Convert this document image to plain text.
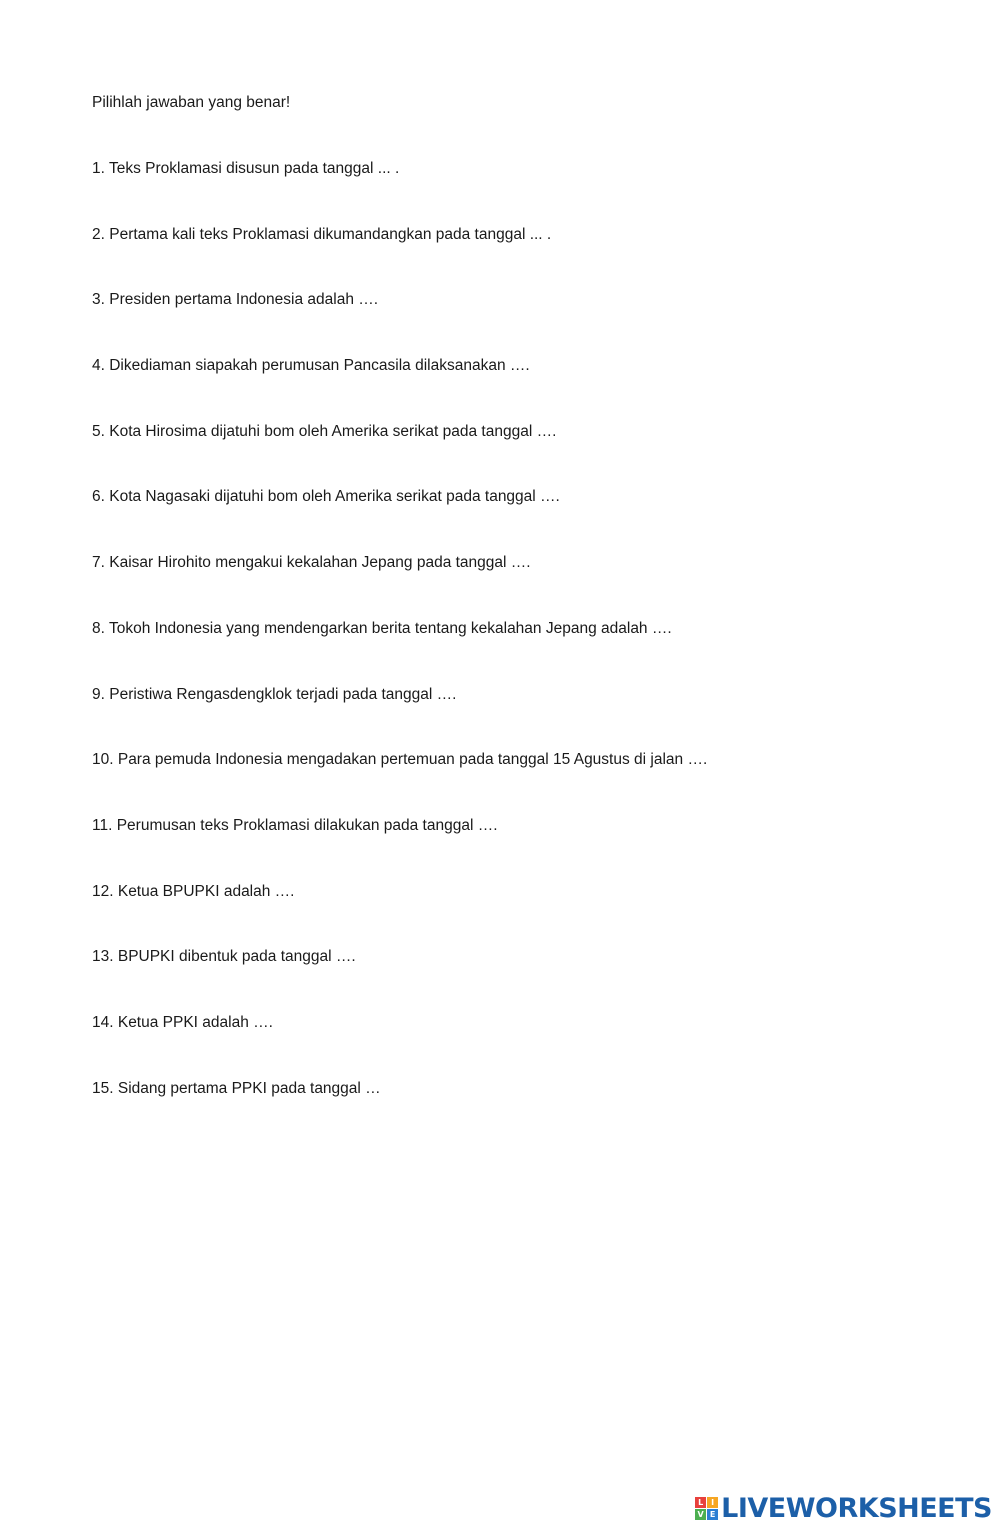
Pilihlah jawaban yang benar!

1. Teks Proklamasi disusun pada tanggal ... .
2. Pertama kali teks Proklamasi dikumandangkan pada tanggal ... .
3. Presiden pertama Indonesia adalah ….
4. Dikediaman siapakah perumusan Pancasila dilaksanakan ….
5. Kota Hirosima dijatuhi bom oleh Amerika serikat pada tanggal ….
6. Kota Nagasaki dijatuhi bom oleh Amerika serikat pada tanggal ….
7. Kaisar Hirohito mengakui kekalahan Jepang pada tanggal ….
8. Tokoh Indonesia yang mendengarkan berita tentang kekalahan Jepang adalah ….
9. Peristiwa Rengasdengklok terjadi pada tanggal ….
10. Para pemuda Indonesia mengadakan pertemuan pada tanggal 15 Agustus di jalan ….
11. Perumusan teks Proklamasi dilakukan pada tanggal ….
12. Ketua BPUPKI adalah ….
13. BPUPKI dibentuk pada tanggal ….
14. Ketua PPKI adalah ….
15. Sidang pertama PPKI pada tanggal …
L I
V E LIVEWORKSHEETS
